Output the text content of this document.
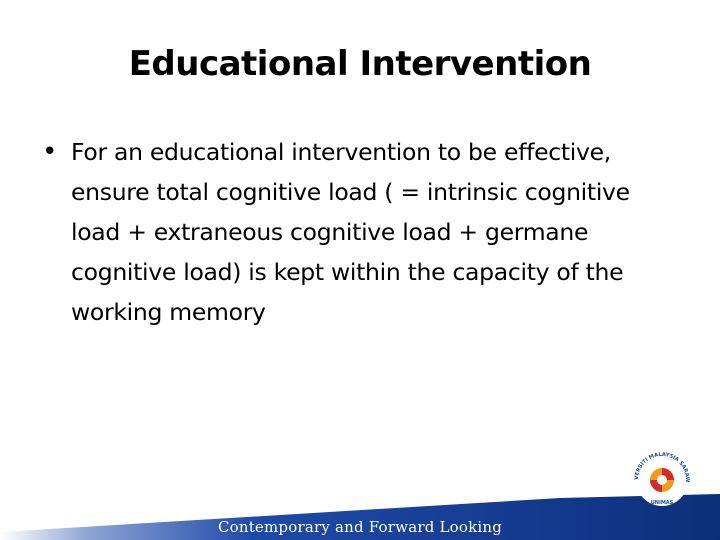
Educational Intervention
• For an educational intervention to be effective, ensure total cognitive load ( = intrinsic cognitive load + extraneous cognitive load + germane cognitive load) is kept within the capacity of the working memory
Contemporary and Forward Looking
VERSITI MALAYSIA SARAW
UNIMAS
